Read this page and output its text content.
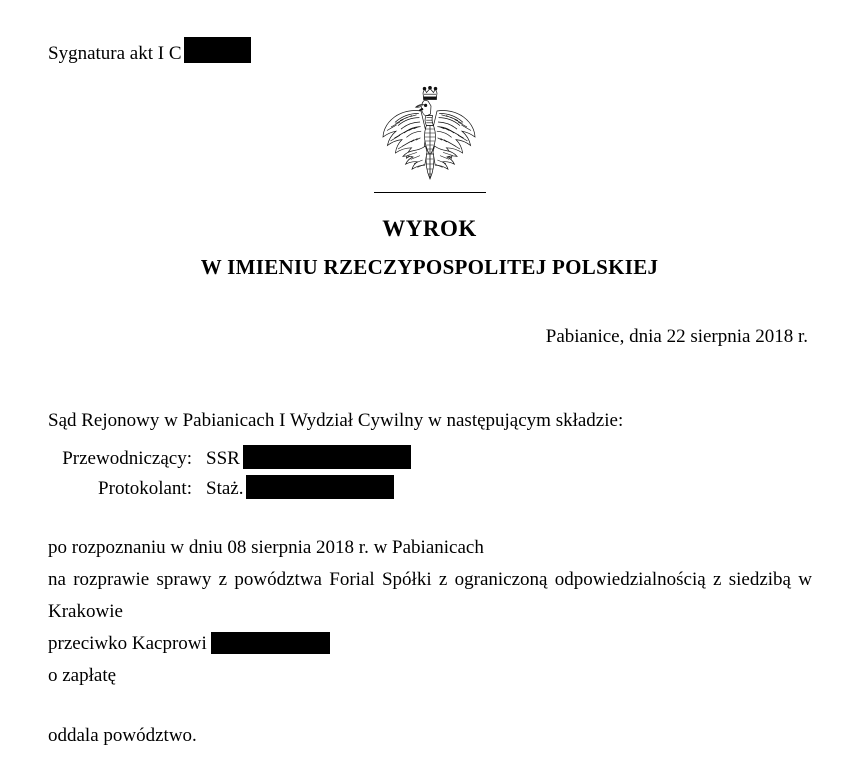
Sygnatura akt I C
WYROK
W IMIENIU RZECZYPOSPOLITEJ POLSKIEJ
Pabianice, dnia 22 sierpnia 2018 r.
Sąd Rejonowy w Pabianicach I Wydział Cywilny w następującym składzie:
Przewodniczący: SSR
Protokolant: Staż.

po rozpoznaniu w dniu 08 sierpnia 2018 r. w Pabianicach

na rozprawie sprawy z powództwa Forial Spółki z ograniczoną odpowiedzialnością z siedzibą w Krakowie

przeciwko Kacprowi

o zapłatę

oddala powództwo.
